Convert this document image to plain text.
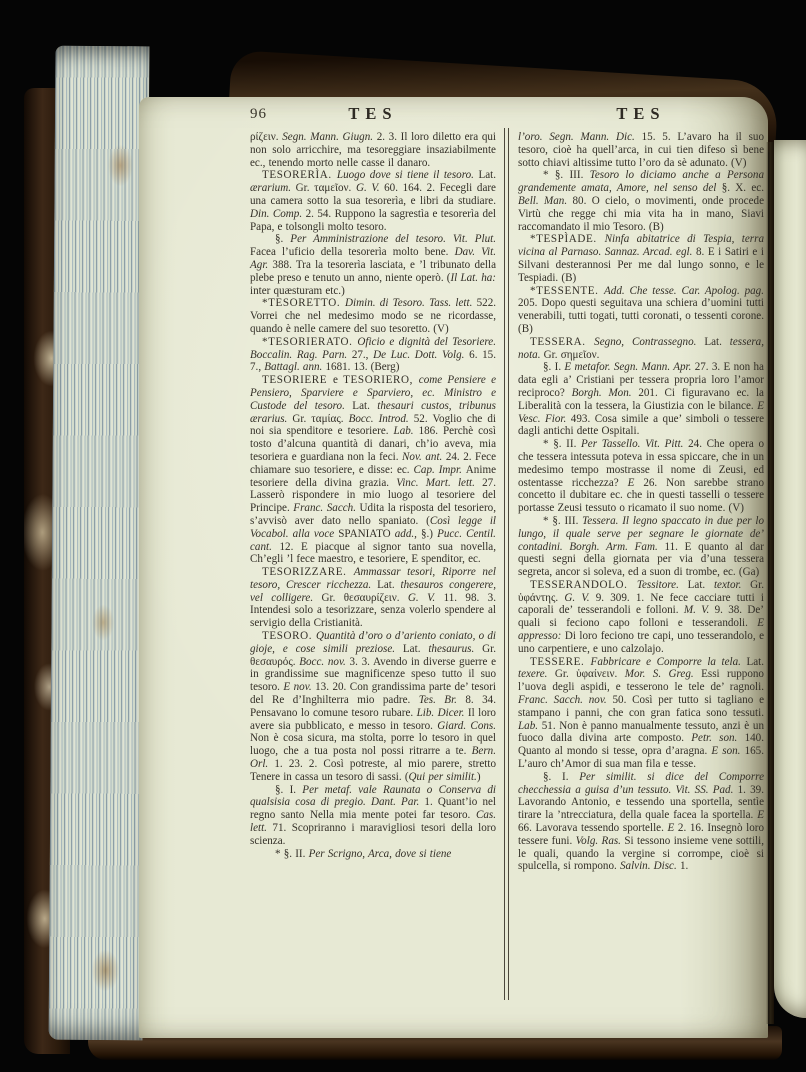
96	TES	TES

ρίζειν. Segn. Mann. Giugn. 2. 3. Il loro diletto era qui non solo arricchire, ma tesoreggiare insaziabilmente ec., tenendo morto nelle casse il danaro.

TESORERÌA. Luogo dove si tiene il tesoro. Lat. ærarium. Gr. ταμεῖον. G. V. 60. 164. 2. Fecegli dare una camera sotto la sua tesorerìa, e libri da studiare. Din. Comp. 2. 54. Ruppono la sagrestìa e tesorerìa del Papa, e tolsongli molto tesoro.

§. Per Amministrazione del tesoro. Vit. Plut. Facea l’uficio della tesorerìa molto bene. Dav. Vit. Agr. 388. Tra la tesorerìa lasciata, e ’l tribunato della plebe preso e tenuto un anno, niente operò. (Il Lat. ha: inter quæsturam etc.)

*TESORETTO. Dimin. di Tesoro. Tass. lett. 522. Vorrei che nel medesimo modo se ne ricordasse, quando è nelle camere del suo tesoretto. (V)

*TESORIERATO. Oficio e dignità del Tesoriere. Boccalin. Rag. Parn. 27., De Luc. Dott. Volg. 6. 15. 7., Battagl. ann. 1681. 13. (Berg)

TESORIERE e TESORIERO, come Pensiere e Pensiero, Sparviere e Sparviero, ec. Ministro e Custode del tesoro. Lat. thesauri custos, tribunus ærarius. Gr. ταμίας. Bocc. Introd. 52. Voglio che di noi sia spenditore e tesoriere. Lab. 186. Perchè così tosto d’alcuna quantità di danari, ch’io aveva, mia tesoriera e guardiana non la feci. Nov. ant. 24. 2. Fece chiamare suo tesoriere, e disse: ec. Cap. Impr. Anime tesoriere della divina grazia. Vinc. Mart. lett. 27. Lasserò rispondere in mio luogo al tesoriere del Principe. Franc. Sacch. Udita la risposta del tesoriero, s’avvisò aver dato nello spaniato. (Così legge il Vocabol. alla voce SPANIATO add., §.) Pucc. Centil. cant. 12. E piacque al signor tanto sua novella, Ch’egli ’l fece maestro, e tesoriere, E spenditor, ec.

TESORIZZARE. Ammassar tesori, Riporre nel tesoro, Crescer ricchezza. Lat. thesauros congerere, vel colligere. Gr. θεσαυρίζειν. G. V. 11. 98. 3. Intendesi solo a tesorizzare, senza volerlo spendere al servigio della Cristianità.

TESORO. Quantità d’oro o d’ariento coniato, o di gioje, e cose simili preziose. Lat. thesaurus. Gr. θεσαυρός. Bocc. nov. 3. 3. Avendo in diverse guerre e in grandissime sue magnificenze speso tutto il suo tesoro. E nov. 13. 20. Con grandissima parte de’ tesori del Re d’Inghilterra mio padre. Tes. Br. 8. 34. Pensavano lo comune tesoro rubare. Lib. Dicer. Il loro avere sia pubblicato, e messo in tesoro. Giard. Cons. Non è cosa sicura, ma stolta, porre lo tesoro in quel luogo, che a tua posta nol possi ritrarre a te. Bern. Orl. 1. 23. 2. Così potreste, al mio parere, stretto Tenere in cassa un tesoro di sassi. (Qui per similit.)

§. I. Per metaf. vale Raunata o Conserva di qualsisia cosa di pregio. Dant. Par. 1. Quant’io nel regno santo Nella mia mente potei far tesoro. Cas. lett. 71. Scopriranno i maravigliosi tesori della loro scienza.

* §. II. Per Scrigno, Arca, dove si tiene

l’oro. Segn. Mann. Dic. 15. 5. L’avaro ha il suo tesoro, cioè ha quell’arca, in cui tien difeso sì bene sotto chiavi altissime tutto l’oro da sè adunato. (V)

* §. III. Tesoro lo diciamo anche a Persona grandemente amata, Amore, nel senso del §. X. ec. Bell. Man. 80. O cielo, o movimenti, onde procede Virtù che regge chi mia vita ha in mano, Siavi raccomandato il mio Tesoro. (B)

*TESPÌADE. Ninfa abitatrice di Tespia, terra vicina al Parnaso. Sannaz. Arcad. egl. 8. E i Satiri e i Silvani desterannosi Per me dal lungo sonno, e le Tespiadi. (B)

*TESSENTE. Add. Che tesse. Car. Apolog. pag. 205. Dopo questi seguitava una schiera d’uomini tutti venerabili, tutti togati, tutti coronati, o tessenti corone. (B)

TESSERA. Segno, Contrassegno. Lat. tessera, nota. Gr. σημεῖον.

§. I. E metafor. Segn. Mann. Apr. 27. 3. E non ha data egli a’ Cristiani per tessera propria loro l’amor reciproco? Borgh. Mon. 201. Ci figuravano ec. la Liberalità con la tessera, la Giustizia con le bilance. E Vesc. Fior. 493. Cosa simile a que’ simboli o tessere dagli antichi dette Ospitali.

* §. II. Per Tassello. Vit. Pitt. 24. Che opera o che tessera intessuta poteva in essa spiccare, che in un medesimo tempo mostrasse il nome di Zeusi, ed ostentasse ricchezza? E 26. Non sarebbe strano concetto il dubitare ec. che in questi tasselli o tessere portasse Zeusi tessuto o ricamato il suo nome. (V)

* §. III. Tessera. Il legno spaccato in due per lo lungo, il quale serve per segnare le giornate de’ contadini. Borgh. Arm. Fam. 11. E quanto al dar questi segni della giornata per via d’una tessera segreta, ancor si soleva, ed a suon di trombe, ec. (Ga)

TESSERANDOLO. Tessitore. Lat. textor. Gr. ὑφάντης. G. V. 9. 309. 1. Ne fece cacciare tutti i caporali de’ tesserandoli e folloni. M. V. 9. 38. De’ quali si feciono capo folloni e tesserandoli. E appresso: Di loro feciono tre capi, uno tesserandolo, e uno carpentiere, e uno calzolajo.

TESSERE. Fabbricare e Comporre la tela. Lat. texere. Gr. ὑφαίνειν. Mor. S. Greg. Essi ruppono l’uova degli aspidi, e tesserono le tele de’ ragnoli. Franc. Sacch. nov. 50. Così per tutto si tagliano e stampano i panni, che con gran fatica sono tessuti. Lab. 51. Non è panno manualmente tessuto, anzi è un fuoco dalla divina arte composto. Petr. son. 140. Quanto al mondo si tesse, opra d’aragna. E son. 165. L’auro ch’Amor di sua man fila e tesse.

§. I. Per similit. si dice del Comporre checchessia a guisa d’un tessuto. Vit. SS. Pad. 1. 39. Lavorando Antonio, e tessendo una sportella, sentìe tirare la ’ntrecciatura, della quale facea la sportella. E 66. Lavorava tessendo sportelle. E 2. 16. Insegnò loro tessere funi. Volg. Ras. Si tessono insieme vene sottili, le quali, quando la vergine si corrompe, cioè si spulcella, si rompono. Salvin. Disc. 1.
